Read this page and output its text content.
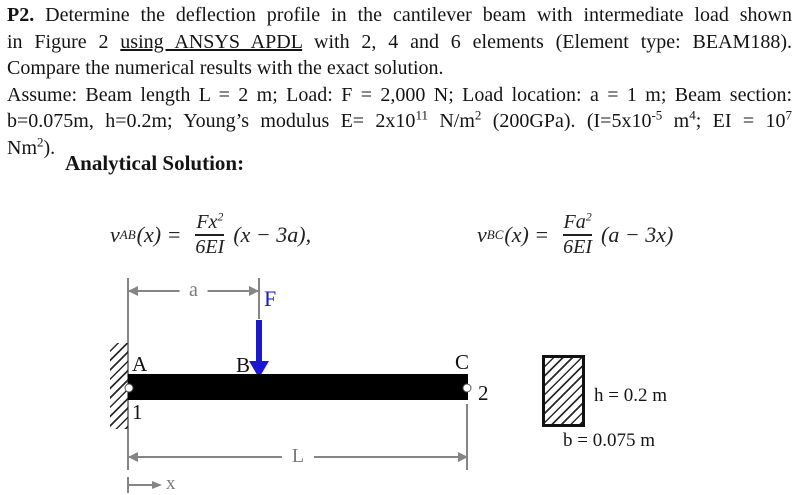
P2. Determine the deflection profile in the cantilever beam with intermediate load shown
in Figure 2 using ANSYS APDL with 2, 4 and 6 elements (Element type: BEAM188).
Compare the numerical results with the exact solution.
Assume: Beam length L = 2 m; Load: F = 2,000 N; Load location: a = 1 m; Beam section:
b=0.075m, h=0.2m; Young’s modulus $E= 2x10^{11}$ $N/m^2$ (200GPa). ($I=5x10^{-5}$ $m^4$; EI = $10^7$
Nm$^2$).
Analytical Solution:
v AB $(x) = \frac{Fx^2}{6EI} (x - 3a)$,	v BC $(x) = \frac{Fa^2}{6EI} (a - 3x)$
a	F
A	B	C
1
2
L
x
h = 0.2 m
b = 0.075 m
